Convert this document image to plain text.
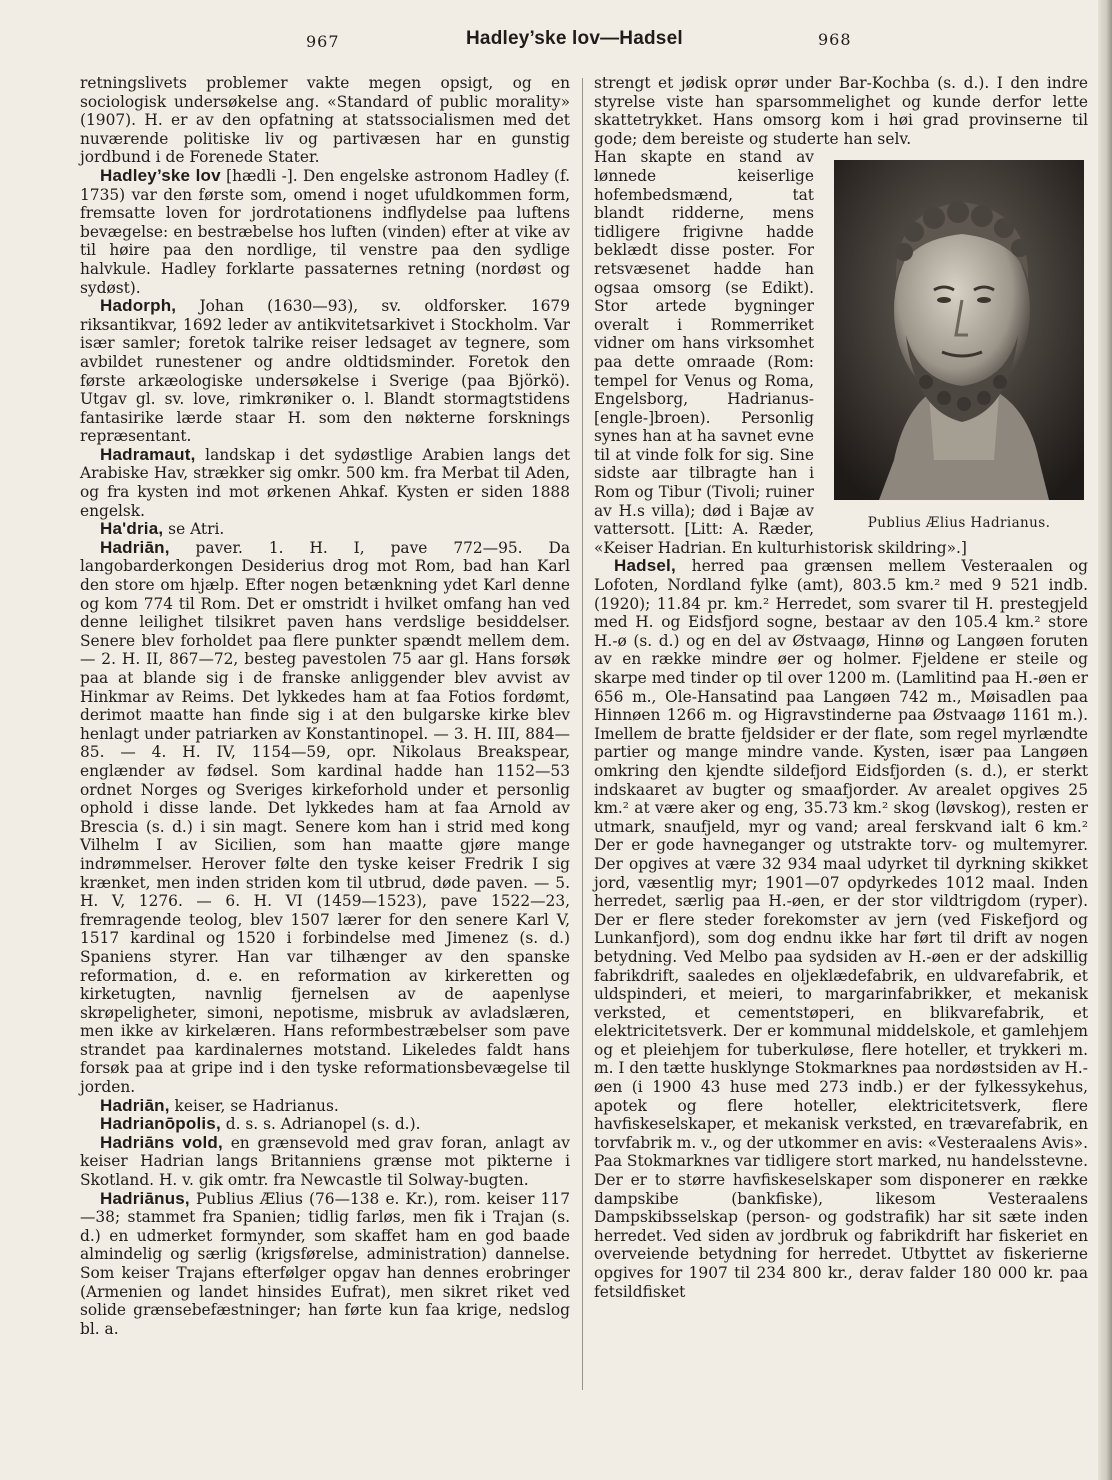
967	Hadley’ske lov—Hadsel	968

retningslivets problemer vakte megen opsigt, og en sociologisk undersøkelse ang. «Standard of public morality» (1907). H. er av den opfatning at statssocialismen med det nuværende politiske liv og partivæsen har en gunstig jordbund i de Forenede Stater.

Hadley’ske lov [hædli -]. Den engelske astronom Hadley (f. 1735) var den første som, omend i noget ufuldkommen form, fremsatte loven for jordrotationens indflydelse paa luftens bevægelse: en bestræbelse hos luften (vinden) efter at vike av til høire paa den nordlige, til venstre paa den sydlige halvkule. Hadley forklarte passaternes retning (nordøst og sydøst).

Hadorph, Johan (1630—93), sv. oldforsker. 1679 riksantikvar, 1692 leder av antikvitetsarkivet i Stockholm. Var især samler; foretok talrike reiser ledsaget av tegnere, som avbildet runestener og andre oldtidsminder. Foretok den første arkæologiske undersøkelse i Sverige (paa Björkö). Utgav gl. sv. love, rimkrøniker o. l. Blandt stormagtstidens fantasirike lærde staar H. som den nøkterne forsknings repræsentant.

Hadramaut, landskap i det sydøstlige Arabien langs det Arabiske Hav, strækker sig omkr. 500 km. fra Merbat til Aden, og fra kysten ind mot ørkenen Ahkaf. Kysten er siden 1888 engelsk.

Ha'dria, se Atri.

Hadriān, paver. 1. H. I, pave 772—95. Da langobarderkongen Desiderius drog mot Rom, bad han Karl den store om hjælp. Efter nogen betænkning ydet Karl denne og kom 774 til Rom. Det er omstridt i hvilket omfang han ved denne leilighet tilsikret paven hans verdslige besiddelser. Senere blev forholdet paa flere punkter spændt mellem dem. — 2. H. II, 867—72, besteg pavestolen 75 aar gl. Hans forsøk paa at blande sig i de franske anliggender blev avvist av Hinkmar av Reims. Det lykkedes ham at faa Fotios fordømt, derimot maatte han finde sig i at den bulgarske kirke blev henlagt under patriarken av Konstantinopel. — 3. H. III, 884—85. — 4. H. IV, 1154—59, opr. Nikolaus Breakspear, englænder av fødsel. Som kardinal hadde han 1152—53 ordnet Norges og Sveriges kirkeforhold under et personlig ophold i disse lande. Det lykkedes ham at faa Arnold av Brescia (s. d.) i sin magt. Senere kom han i strid med kong Vilhelm I av Sicilien, som han maatte gjøre mange indrømmelser. Herover følte den tyske keiser Fredrik I sig krænket, men inden striden kom til utbrud, døde paven. — 5. H. V, 1276. — 6. H. VI (1459—1523), pave 1522—23, fremragende teolog, blev 1507 lærer for den senere Karl V, 1517 kardinal og 1520 i forbindelse med Jimenez (s. d.) Spaniens styrer. Han var tilhænger av den spanske reformation, d. e. en reformation av kirkeretten og kirketugten, navnlig fjernelsen av de aapenlyse skrøpeligheter, simoni, nepotisme, misbruk av avladslæren, men ikke av kirkelæren. Hans reformbestræbelser som pave strandet paa kardinalernes motstand. Likeledes faldt hans forsøk paa at gripe ind i den tyske reformationsbevægelse til jorden.

Hadriān, keiser, se Hadrianus.

Hadrianōpolis, d. s. s. Adrianopel (s. d.).

Hadriāns vold, en grænsevold med grav foran, anlagt av keiser Hadrian langs Britanniens grænse mot pikterne i Skotland. H. v. gik omtr. fra Newcastle til Solway-bugten.

Hadriānus, Publius Ælius (76—138 e. Kr.), rom. keiser 117—38; stammet fra Spanien; tidlig farløs, men fik i Trajan (s. d.) en udmerket formynder, som skaffet ham en god baade almindelig og særlig (krigsførelse, administration) dannelse. Som keiser Trajans efterfølger opgav han dennes erobringer (Armenien og landet hinsides Eufrat), men sikret riket ved solide grænsebefæstninger; han førte kun faa krige, nedslog bl. a.

strengt et jødisk oprør under Bar-Kochba (s. d.). I den indre styrelse viste han sparsommelighet og kunde derfor lette skattetrykket. Hans omsorg kom i høi grad provinserne til gode; dem bereiste og studerte han selv.

Publius Ælius Hadrianus.

Han skapte en stand av lønnede keiserlige hofembedsmænd, tat blandt ridderne, mens tidligere frigivne hadde beklædt disse poster. For retsvæsenet hadde han ogsaa omsorg (se Edikt). Stor artede bygninger overalt i Rommerriket vidner om hans virksomhet paa dette omraade (Rom: tempel for Venus og Roma, Engelsborg, Hadrianus-[engle-]broen). Personlig synes han at ha savnet evne til at vinde folk for sig. Sine sidste aar tilbragte han i Rom og Tibur (Tivoli; ruiner av H.s villa); død i Bajæ av vattersott. [Litt: A. Ræder, «Keiser Hadrian. En kulturhistorisk skildring».]

Hadsel, herred paa grænsen mellem Vesteraalen og Lofoten, Nordland fylke (amt), 803.5 km.² med 9 521 indb. (1920); 11.84 pr. km.² Herredet, som svarer til H. prestegjeld med H. og Eidsfjord sogne, bestaar av den 105.4 km.² store H.-ø (s. d.) og en del av Østvaagø, Hinnø og Langøen foruten av en række mindre øer og holmer. Fjeldene er steile og skarpe med tinder op til over 1200 m. (Lamlitind paa H.-øen er 656 m., Ole-Hansatind paa Langøen 742 m., Møisadlen paa Hinnøen 1266 m. og Higravstinderne paa Østvaagø 1161 m.). Imellem de bratte fjeldsider er der flate, som regel myrlændte partier og mange mindre vande. Kysten, især paa Langøen omkring den kjendte sildefjord Eidsfjorden (s. d.), er sterkt indskaaret av bugter og smaafjorder. Av arealet opgives 25 km.² at være aker og eng, 35.73 km.² skog (løvskog), resten er utmark, snaufjeld, myr og vand; areal ferskvand ialt 6 km.² Der er gode havneganger og utstrakte torv- og multemyrer. Der opgives at være 32 934 maal udyrket til dyrkning skikket jord, væsentlig myr; 1901—07 opdyrkedes 1012 maal. Inden herredet, særlig paa H.-øen, er der stor vildtrigdom (ryper). Der er flere steder forekomster av jern (ved Fiskefjord og Lunkanfjord), som dog endnu ikke har ført til drift av nogen betydning. Ved Melbo paa sydsiden av H.-øen er der adskillig fabrikdrift, saaledes en oljeklædefabrik, en uldvarefabrik, et uldspinderi, et meieri, to margarinfabrikker, et mekanisk verksted, et cementstøperi, en blikvarefabrik, et elektricitetsverk. Der er kommunal middelskole, et gamlehjem og et pleiehjem for tuberkuløse, flere hoteller, et trykkeri m. m. I den tætte husklynge Stokmarknes paa nordøstsiden av H.-øen (i 1900 43 huse med 273 indb.) er der fylkessykehus, apotek og flere hoteller, elektricitetsverk, flere havfiskeselskaper, et mekanisk verksted, en trævarefabrik, en torvfabrik m. v., og der utkommer en avis: «Vesteraalens Avis». Paa Stokmarknes var tidligere stort marked, nu handelsstevne. Der er to større havfiskeselskaper som disponerer en række dampskibe (bankfiske), likesom Vesteraalens Dampskibsselskap (person- og godstrafik) har sit sæte inden herredet. Ved siden av jordbruk og fabrikdrift har fiskeriet en overveiende betydning for herredet. Utbyttet av fiskerierne opgives for 1907 til 234 800 kr., derav falder 180 000 kr. paa fetsildfisket
